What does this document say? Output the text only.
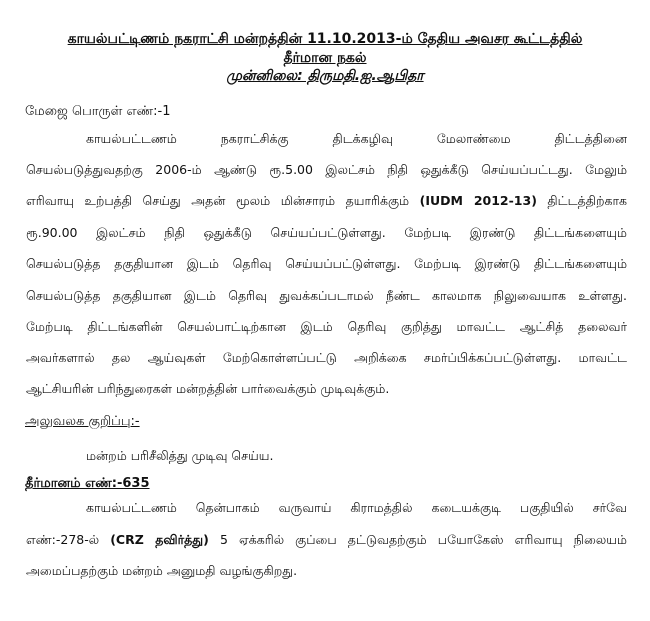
காயல்பட்டிணம் நகராட்சி மன்றத்தின் 11.10.2013-ம் தேதிய அவசர கூட்டத்தில்
தீர்மான நகல்
முன்னிலை: திருமதி.ஐ.ஆபிதா
மேஜை பொருள் எண்:-1
காயல்பட்டணம் நகராட்சிக்கு திடக்கழிவு மேலாண்மை திட்டத்தினை
செயல்படுத்துவதற்கு 2006-ம் ஆண்டு ரூ.5.00 இலட்சம் நிதி ஒதுக்கீடு செய்யப்பட்டது. மேலும்
எரிவாயு உற்பத்தி செய்து அதன் மூலம் மின்சாரம் தயாரிக்கும் (IUDM 2012-13) திட்டத்திற்காக
ரூ.90.00 இலட்சம் நிதி ஒதுக்கீடு செய்யப்பட்டுள்ளது. மேற்படி இரண்டு திட்டங்களையும்
செயல்படுத்த தகுதியான இடம் தெரிவு செய்யப்பட்டுள்ளது. மேற்படி இரண்டு திட்டங்களையும்
செயல்படுத்த தகுதியான இடம் தெரிவு துவக்கப்படாமல் நீண்ட காலமாக நிலுவையாக உள்ளது.
மேற்படி திட்டங்களின் செயல்பாட்டிற்கான இடம் தெரிவு குறித்து மாவட்ட ஆட்சித் தலைவர்
அவர்களால் தல ஆய்வுகள் மேற்கொள்ளப்பட்டு அறிக்கை சமர்ப்பிக்கப்பட்டுள்ளது. மாவட்ட
ஆட்சியரின் பரிந்துரைகள் மன்றத்தின் பார்வைக்கும் முடிவுக்கும்.
அலுவலக குறிப்பு:-
மன்றம் பரிசீலித்து முடிவு செய்ய.
தீர்மானம் எண்:-635
காயல்பட்டணம் தென்பாகம் வருவாய் கிராமத்தில் கடையக்குடி பகுதியில் சர்வே
எண்:-278-ல் (CRZ தவிர்த்து) 5 ஏக்கரில் குப்பை தட்டுவதற்கும் பயோகேஸ் எரிவாயு நிலையம்
அமைப்பதற்கும் மன்றம் அனுமதி வழங்குகிறது.
